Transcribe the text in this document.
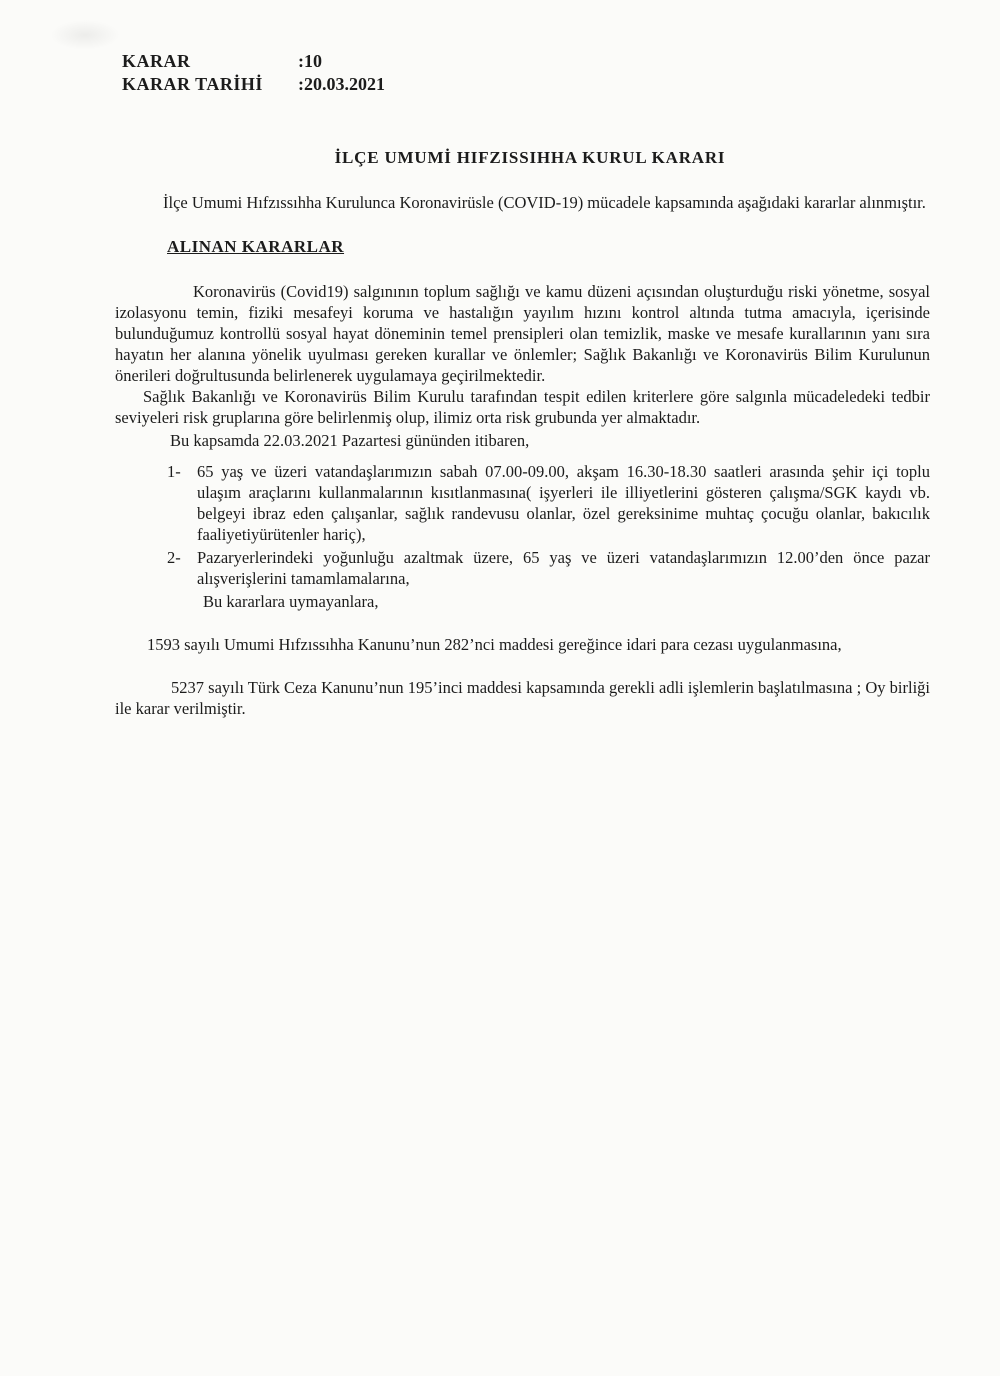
KARAR	:10
KARAR TARİHİ	:20.03.2021
İLÇE UMUMİ HIFZISSIHHA KURUL KARARI

İlçe Umumi Hıfzıssıhha Kurulunca Koronavirüsle (COVID-19) mücadele kapsamında aşağıdaki kararlar alınmıştır.

ALINAN KARARLAR

Koronavirüs (Covid19) salgınının toplum sağlığı ve kamu düzeni açısından oluşturduğu riski yönetme, sosyal izolasyonu temin, fiziki mesafeyi koruma ve hastalığın yayılım hızını kontrol altında tutma amacıyla, içerisinde bulunduğumuz kontrollü sosyal hayat döneminin temel prensipleri olan temizlik, maske ve mesafe kurallarının yanı sıra hayatın her alanına yönelik uyulması gereken kurallar ve önlemler; Sağlık Bakanlığı ve Koronavirüs Bilim Kurulunun önerileri doğrultusunda belirlenerek uygulamaya geçirilmektedir.

Sağlık Bakanlığı ve Koronavirüs Bilim Kurulu tarafından tespit edilen kriterlere göre salgınla mücadeledeki tedbir seviyeleri risk gruplarına göre belirlenmiş olup, ilimiz orta risk grubunda yer almaktadır.

Bu kapsamda 22.03.2021 Pazartesi gününden itibaren,

1- 65 yaş ve üzeri vatandaşlarımızın sabah 07.00-09.00, akşam 16.30-18.30 saatleri arasında şehir içi toplu ulaşım araçlarını kullanmalarının kısıtlanmasına( işyerleri ile illiyetlerini gösteren çalışma/SGK kaydı vb. belgeyi ibraz eden çalışanlar, sağlık randevusu olanlar, özel gereksinime muhtaç çocuğu olanlar, bakıcılık faaliyetiyürütenler hariç),
2- Pazaryerlerindeki yoğunluğu azaltmak üzere, 65 yaş ve üzeri vatandaşlarımızın 12.00’den önce pazar alışverişlerini tamamlamalarına,

Bu kararlara uymayanlara,

1593 sayılı Umumi Hıfzıssıhha Kanunu’nun 282’nci maddesi gereğince idari para cezası uygulanmasına,

5237 sayılı Türk Ceza Kanunu’nun 195’inci maddesi kapsamında gerekli adli işlemlerin başlatılmasına ; Oy birliği ile karar verilmiştir.
